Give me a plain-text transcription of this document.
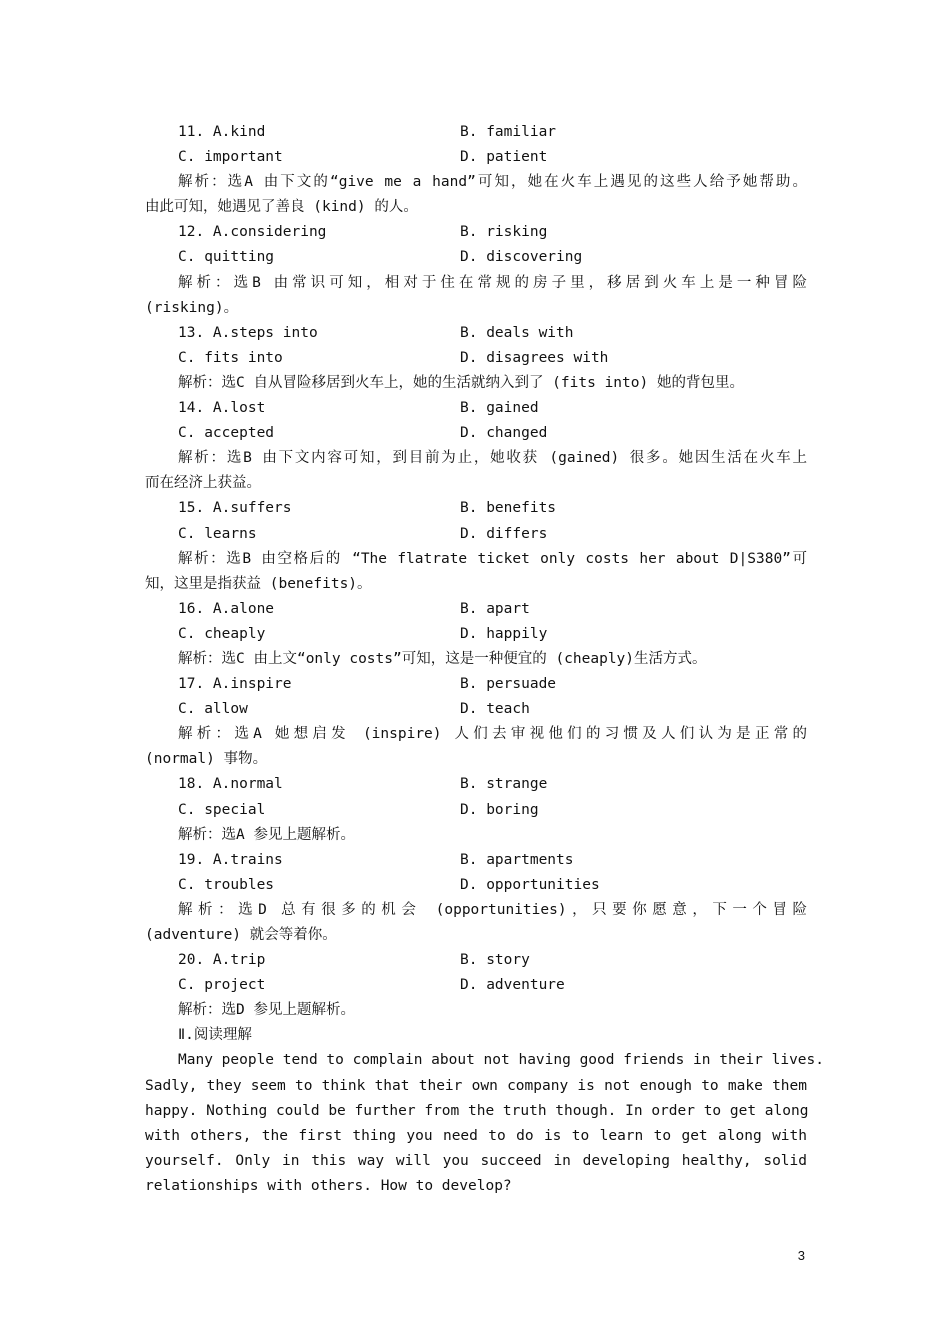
11. A.kind	B. familiar
C. important	D. patient
解析：选A 由下文的“give me a hand”可知，她在火车上遇见的这些人给予她帮助。
由此可知，她遇见了善良 (kind) 的人。
12. A.considering	B. risking
C. quitting	D. discovering
解析：选B 由常识可知，相对于住在常规的房子里，移居到火车上是一种冒险
(risking)。
13. A.steps into	B. deals with
C. fits into	D. disagrees with
解析：选C 自从冒险移居到火车上，她的生活就纳入到了 (fits into) 她的背包里。
14. A.lost	B. gained
C. accepted	D. changed
解析：选B 由下文内容可知，到目前为止，她收获 (gained) 很多。她因生活在火车上
而在经济上获益。
15. A.suffers	B. benefits
C. learns	D. differs
解析：选B 由空格后的 “The flatrate ticket only costs her about D|S380”可
知，这里是指获益 (benefits)。
16. A.alone	B. apart
C. cheaply	D. happily
解析：选C 由上文“only costs”可知，这是一种便宜的 (cheaply)生活方式。
17. A.inspire	B. persuade
C. allow	D. teach
解析：选A 她想启发 (inspire) 人们去审视他们的习惯及人们认为是正常的
(normal) 事物。
18. A.normal	B. strange
C. special	D. boring
解析：选A 参见上题解析。
19. A.trains	B. apartments
C. troubles	D. opportunities
解析：选D 总有很多的机会 (opportunities)，只要你愿意，下一个冒险
(adventure) 就会等着你。
20. A.trip	B. story
C. project	D. adventure
解析：选D 参见上题解析。
Ⅱ.阅读理解
Many people tend to complain about not having good friends in their lives.
Sadly, they seem to think that their own company is not enough to make them
happy. Nothing could be further from the truth though. In order to get along
with others, the first thing you need to do is to learn to get along with
yourself. Only in this way will you succeed in developing healthy, solid
relationships with others. How to develop?
3
